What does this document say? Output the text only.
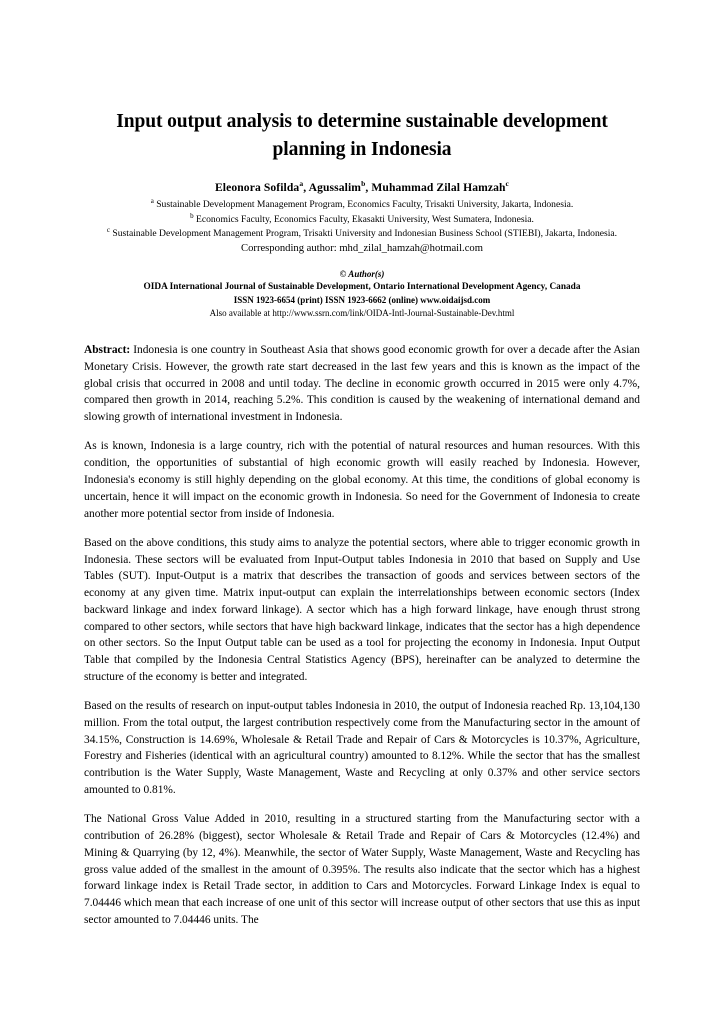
Input output analysis to determine sustainable development planning in Indonesia
Eleonora Sofilda$^a$, Agussalim$^b$, Muhammad Zilal Hamzah$^c$

$^a$ Sustainable Development Management Program, Economics Faculty, Trisakti University, Jakarta, Indonesia.

$^b$ Economics Faculty, Economics Faculty, Ekasakti University, West Sumatera, Indonesia.

$^c$ Sustainable Development Management Program, Trisakti University and Indonesian Business School (STIEBI), Jakarta, Indonesia.

Corresponding author: mhd_zilal_hamzah@hotmail.com

© Author(s)
OIDA International Journal of Sustainable Development, Ontario International Development Agency, Canada
ISSN 1923-6654 (print) ISSN 1923-6662 (online) www.oidaijsd.com
Also available at http://www.ssrn.com/link/OIDA-Intl-Journal-Sustainable-Dev.html

Abstract: Indonesia is one country in Southeast Asia that shows good economic growth for over a decade after the Asian Monetary Crisis. However, the growth rate start decreased in the last few years and this is known as the impact of the global crisis that occurred in 2008 and until today. The decline in economic growth occurred in 2015 were only 4.7%, compared then growth in 2014, reaching 5.2%. This condition is caused by the weakening of international demand and slowing growth of international investment in Indonesia.

As is known, Indonesia is a large country, rich with the potential of natural resources and human resources. With this condition, the opportunities of substantial of high economic growth will easily reached by Indonesia. However, Indonesia's economy is still highly depending on the global economy. At this time, the conditions of global economy is uncertain, hence it will impact on the economic growth in Indonesia. So need for the Government of Indonesia to create another more potential sector from inside of Indonesia.

Based on the above conditions, this study aims to analyze the potential sectors, where able to trigger economic growth in Indonesia. These sectors will be evaluated from Input-Output tables Indonesia in 2010 that based on Supply and Use Tables (SUT). Input-Output is a matrix that describes the transaction of goods and services between sectors of the economy at any given time. Matrix input-output can explain the interrelationships between economic sectors (Index backward linkage and index forward linkage). A sector which has a high forward linkage, have enough thrust strong compared to other sectors, while sectors that have high backward linkage, indicates that the sector has a high dependence on other sectors. So the Input Output table can be used as a tool for projecting the economy in Indonesia. Input Output Table that compiled by the Indonesia Central Statistics Agency (BPS), hereinafter can be analyzed to determine the structure of the economy is better and integrated.

Based on the results of research on input-output tables Indonesia in 2010, the output of Indonesia reached Rp. 13,104,130 million. From the total output, the largest contribution respectively come from the Manufacturing sector in the amount of 34.15%, Construction is 14.69%, Wholesale & Retail Trade and Repair of Cars & Motorcycles is 10.37%, Agriculture, Forestry and Fisheries (identical with an agricultural country) amounted to 8.12%. While the sector that has the smallest contribution is the Water Supply, Waste Management, Waste and Recycling at only 0.37% and other service sectors amounted to 0.81%.

The National Gross Value Added in 2010, resulting in a structured starting from the Manufacturing sector with a contribution of 26.28% (biggest), sector Wholesale & Retail Trade and Repair of Cars & Motorcycles (12.4%) and Mining & Quarrying (by 12, 4%). Meanwhile, the sector of Water Supply, Waste Management, Waste and Recycling has gross value added of the smallest in the amount of 0.395%. The results also indicate that the sector which has a highest forward linkage index is Retail Trade sector, in addition to Cars and Motorcycles. Forward Linkage Index is equal to 7.04446 which mean that each increase of one unit of this sector will increase output of other sectors that use this as input sector amounted to 7.04446 units. The
